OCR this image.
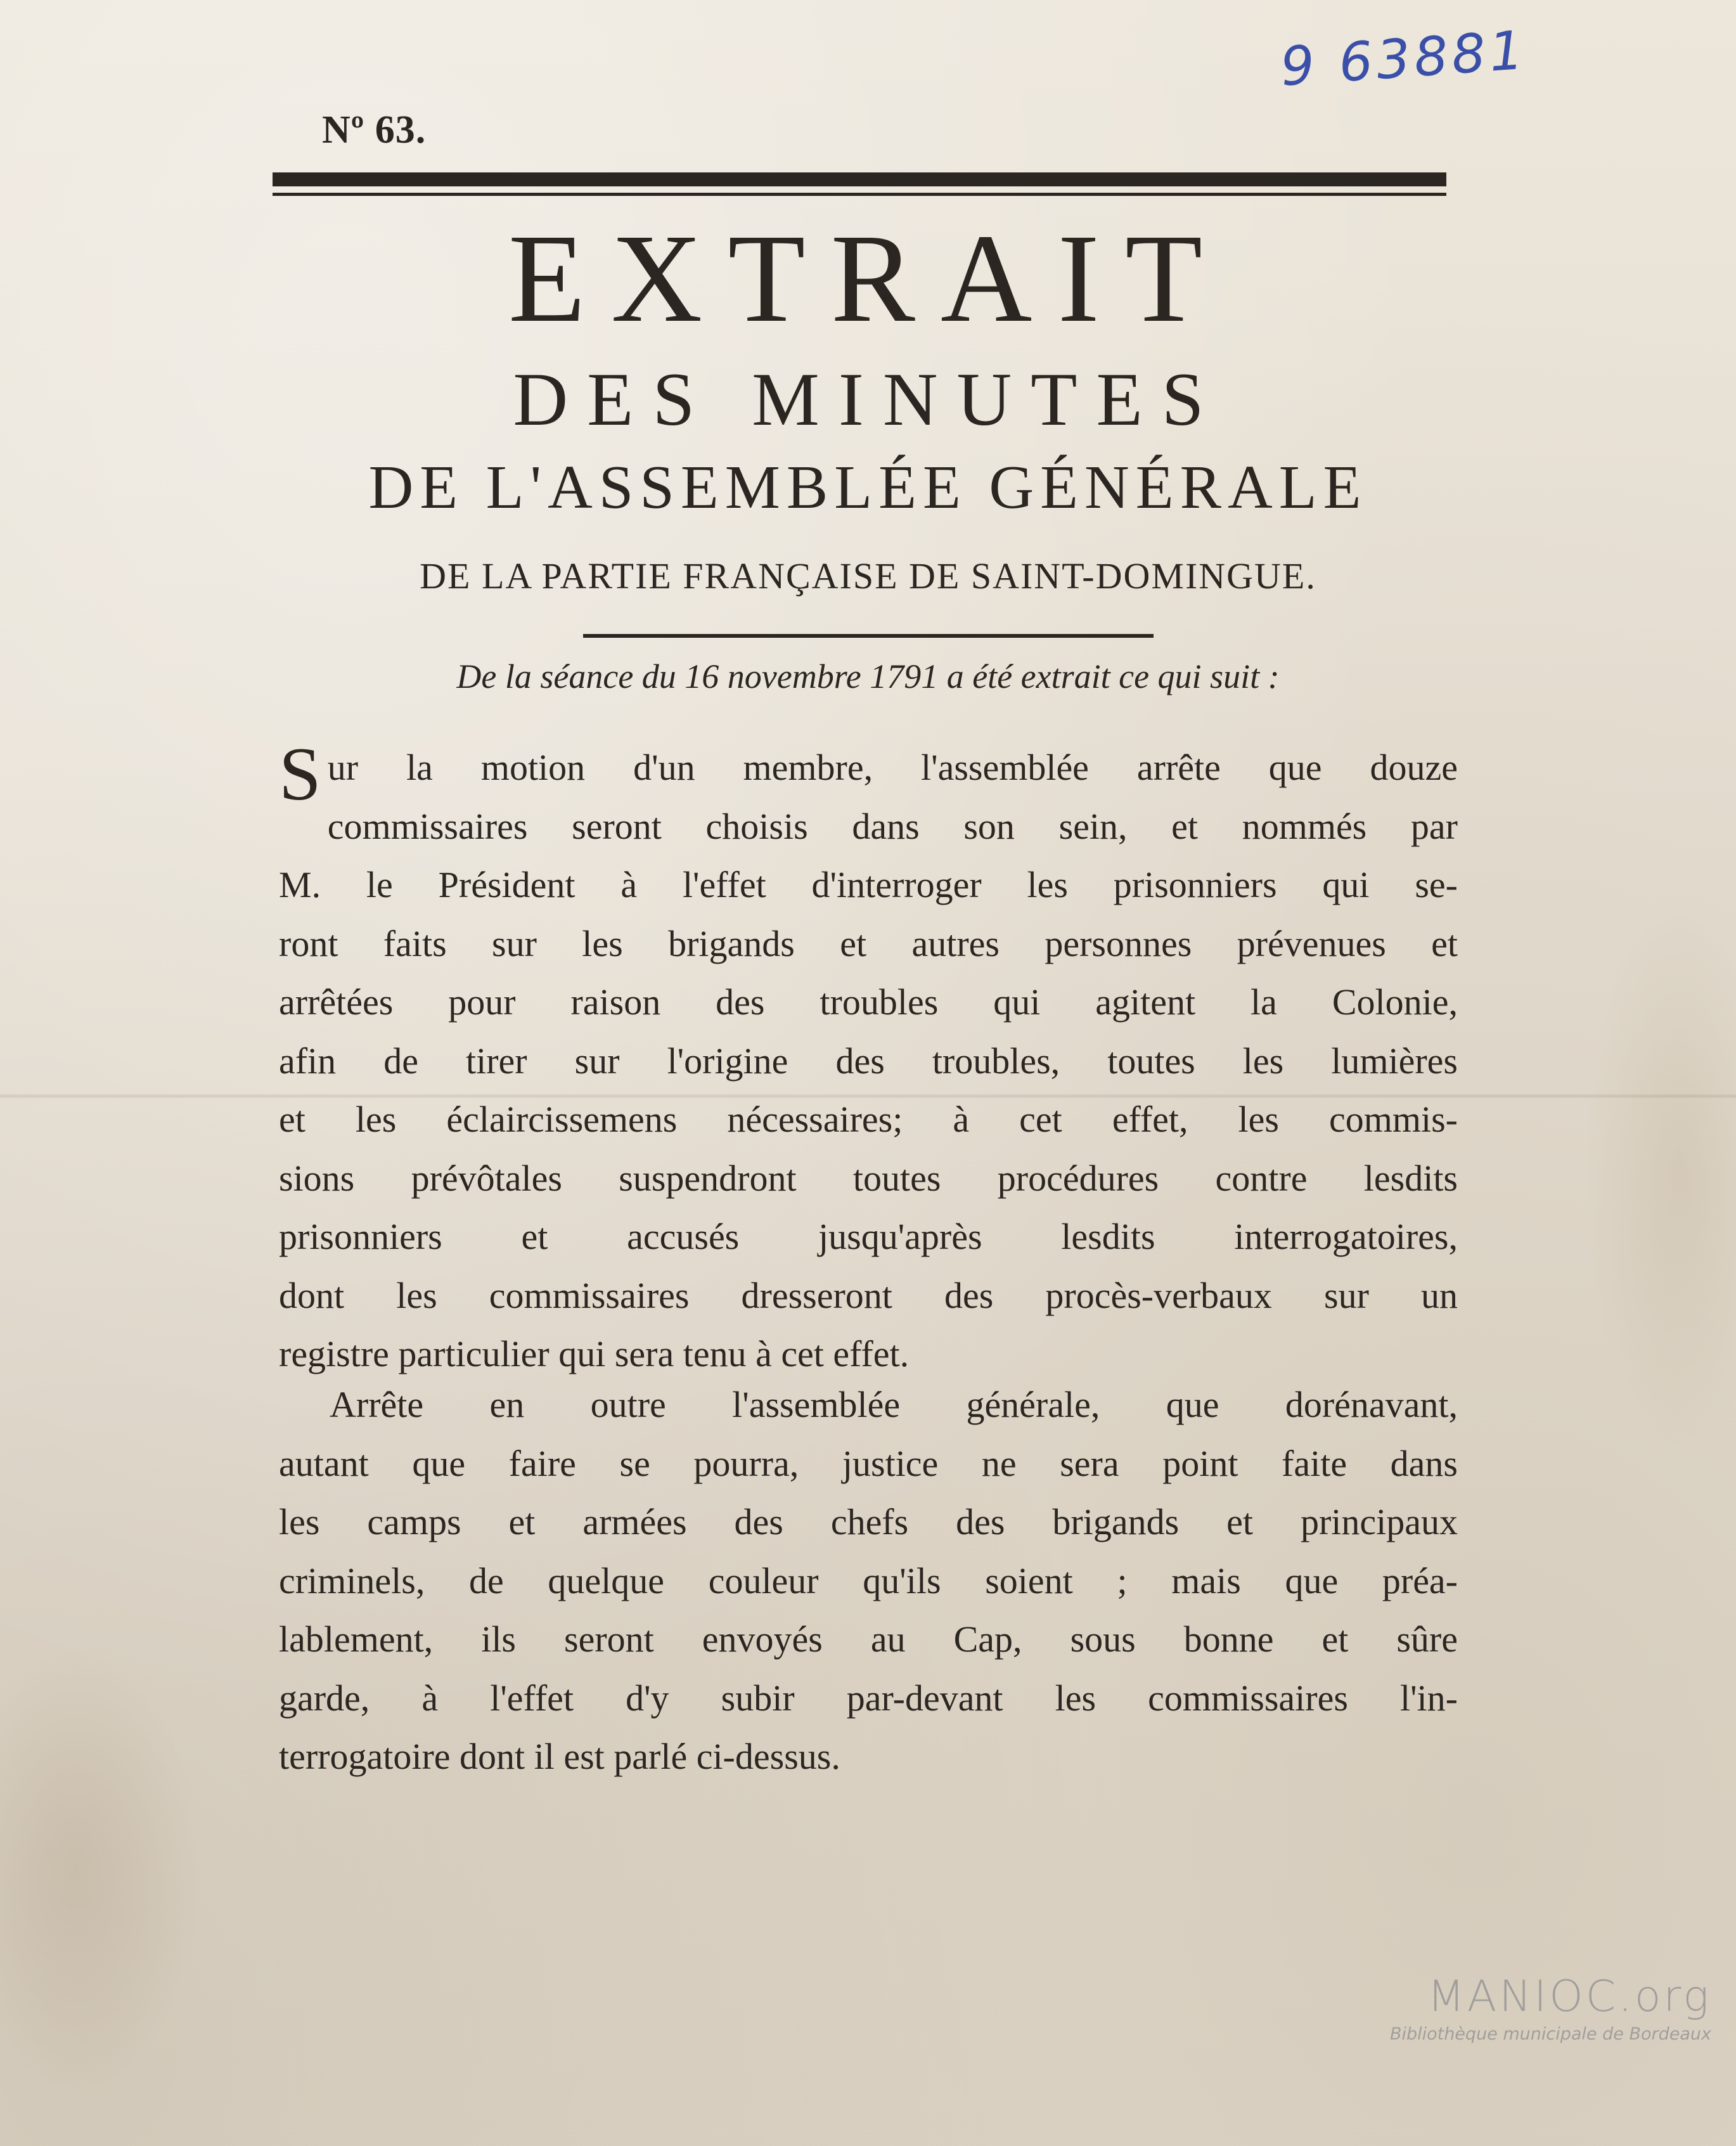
9 63881
Nº 63.
EXTRAIT
DES MINUTES
DE L'ASSEMBLÉE GÉNÉRALE
DE LA PARTIE FRANÇAISE DE SAINT-DOMINGUE.
De la séance du 16 novembre 1791 a été extrait ce qui suit :
S ur la motion d'un membre, l'assemblée arrête que douze
commissaires seront choisis dans son sein, et nommés par
M. le Président à l'effet d'interroger les prisonniers qui se-
ront faits sur les brigands et autres personnes prévenues et
arrêtées pour raison des troubles qui agitent la Colonie,
afin de tirer sur l'origine des troubles, toutes les lumières
et les éclaircissemens nécessaires; à cet effet, les commis-
sions prévôtales suspendront toutes procédures contre lesdits
prisonniers et accusés jusqu'après lesdits interrogatoires,
dont les commissaires dresseront des procès-verbaux sur un
registre particulier qui sera tenu à cet effet.
Arrête en outre l'assemblée générale, que dorénavant,
autant que faire se pourra, justice ne sera point faite dans
les camps et armées des chefs des brigands et principaux
criminels, de quelque couleur qu'ils soient ; mais que préa-
lablement, ils seront envoyés au Cap, sous bonne et sûre
garde, à l'effet d'y subir par-devant les commissaires l'in-
terrogatoire dont il est parlé ci-dessus.
MANIOC.org
Bibliothèque municipale de Bordeaux
